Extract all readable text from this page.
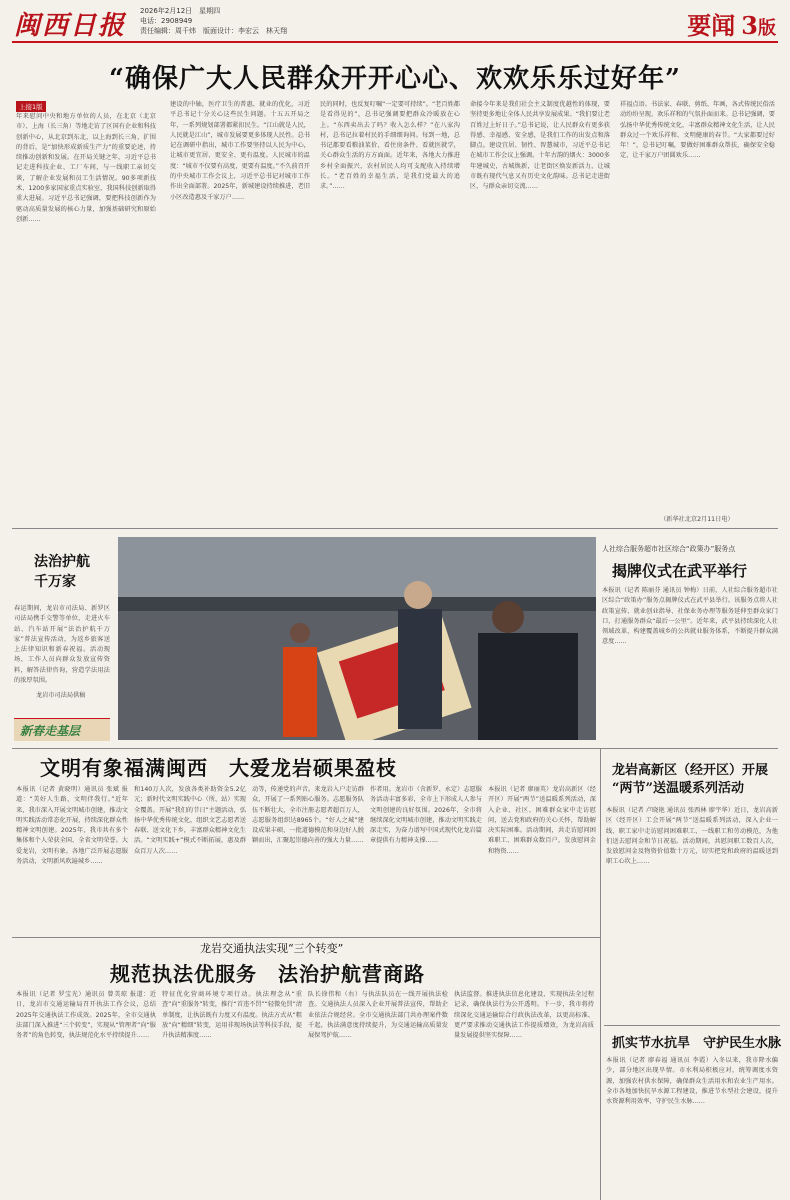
闽西日报 2026年2月12日　星期四
电话：2908949
责任编辑：周千炜　版面设计：李宏云　林天翔	要闻 3 版
“确保广大人民群众开开心心、欢欢乐乐过好年”
上接1版
年来慰问中央和地方单位的人员，在北京（北京市）、上海（长三角）等地走访了区国有企业和科技创新中心，从北京到东北，以上海到长三角，扩围的背后，是“加快形成新质生产力”的重要论述，持续推动创新和发展。在开局关键之年，习近平总书记走进科技企业、工厂车间，与一线职工亲切交谈，了解企业发展和员工生活情况。90多项新技术、1200多家国家重点实验室，我国科技创新取得重大进展。习近平总书记强调，要把科技创新作为驱动高质量发展的核心力量，加强基础研究和原始创新……
建设的中轴，医疗卫生的普惠，就业的优化，习近平总书记十分关心这些民生问题。十五五开局之年，一系列规划部署都紧扣民生。“江山就是人民，人民就是江山”，城市发展要更多体现人民性。总书记在调研中指出，城市工作要坚持以人民为中心，让城市更宜居、更安全、更有温度。人民城市的温度：“城市不仅要有高度，更要有温度。”不久前召开的中央城市工作会议上，习近平总书记对城市工作作出全面部署。2025年，新城建设持续推进，老旧小区改造惠及千家万户……
民的同时，也反复叮嘱“一定要可持续”。“老百姓都是看得见的”，总书记强调要把群众冷暖放在心上。“东西卖出去了吗？收入怎么样？”在八家沟村，总书记拉着村民的手细细询问。每到一地，总书记都要看粮油菜价、看住房条件、看就医就学，关心群众生活的方方面面。近年来，各地大力推进乡村全面振兴，农村居民人均可支配收入持续增长。“老百姓的幸福生活，是我们党最大的追求。”……
命接今年来是我们社会主义制度优越性的体现，要坚持更多地让全体人民共享发展成果。“我们要让老百姓过上好日子。”总书记说，让人民群众有更多获得感、幸福感、安全感，是我们工作的出发点和落脚点。建设宜居、韧性、智慧城市，习近平总书记在城市工作会议上强调。十年古韵的烟火：3000多年建城史，古城焕新，让老街区焕发新活力，让城市既有现代气息又有历史文化韵味。总书记走进街区，与群众亲切交流……
祥福点语。书法家、春联、剪纸、年画，各式传统民俗活动纷纷呈现，欢乐祥和的气氛扑面而来。总书记强调，要弘扬中华优秀传统文化，丰富群众精神文化生活，让人民群众过一个欢乐祥和、文明健康的春节。“大家都要过好年！”，总书记叮嘱，要做好困难群众帮扶，确保安全稳定，让千家万户团圆欢乐……
（新华社北京2月11日电）
法治护航
千万家
春运期间，龙岩市司法局、新罗区司法局携手交警等单位，走进火车站、汽车站开展“法治护航千万家”普法宣传活动，为返乡旅客送上法律知识和新春祝福。活动现场，工作人员向群众发放宣传资料，解答法律咨询，营造学法用法的浓厚氛围。
龙岩市司法局供稿
新春走基层
人社综合服务超市社区综合“政策办”服务点
揭牌仪式在武平举行
本报讯（记者 陈丽芬 通讯员 钟梅）日前，人社综合服务超市社区综合“政策办”服务点揭牌仪式在武平县举行。该服务点将人社政策宣传、就业创业指导、社保业务办理等服务延伸至群众家门口，打通服务群众“最后一公里”。近年来，武平县持续深化人社领域改革，构建覆盖城乡的公共就业服务体系，不断提升群众满意度……
文明有象福满闽西　大爱龙岩硕果盈枝
本报讯（记者 黄晓明）通讯员 张斌 报道：“美好人生路，文明伴我行。”近年来，我市深入开展文明城市创建，推动文明实践活动常态化开展，持续深化群众性精神文明创建。2025年，我市共有多个集体和个人荣获全国、全省文明荣誉。大爱龙岩，文明有象。各地广泛开展志愿服务活动，文明新风吹遍城乡……
和140万人次，发放各类补助资金5.2亿元；新时代文明实践中心（所、站）实现全覆盖。开展“我们的节日”主题活动，弘扬中华优秀传统文化，组织文艺志愿者送春联、送文化下乡，丰富群众精神文化生活。“文明实践+”模式不断拓展，惠及群众百万人次……
动等，传递党的声音。来龙岩入户走访群众，开展了一系列贴心服务。志愿服务队伍不断壮大，全市注册志愿者超百万人，志愿服务组织达8965个。“好人之城”建设成果丰硕，一批道德模范和身边好人脱颖而出，汇聚起崇德向善的强大力量……
作者用。龙岩市（含新罗、永定）志愿服务活动丰富多彩，全市上下形成人人参与文明创建的良好氛围。2026年，全市将继续深化文明城市创建，推动文明实践走深走实，为奋力谱写中国式现代化龙岩篇章提供有力精神支撑……
本报讯（记者 廖丽英）龙岩高新区（经开区）开展“两节”送温暖系列活动，深入企业、社区、困难群众家中走访慰问，送去党和政府的关心关怀，帮助解决实际困难。活动期间，共走访慰问困难职工、困难群众数百户，发放慰问金和物资……
龙岩高新区（经开区）开展
“两节”送温暖系列活动
本报讯（记者 卢晓艳 通讯员 张西林 廖宇华）近日，龙岩高新区（经开区）工会开展“两节”送温暖系列活动，深入企业一线、职工家中走访慰问困难职工、一线职工和劳动模范，为他们送去慰问金和节日祝福。活动期间，共慰问职工数百人次，发放慰问金及物资价值数十万元，切实把党和政府的温暖送到职工心坎上……
抓实节水抗旱　守护民生水脉
本报讯（记者 廖春福 通讯员 李霞）入冬以来，我市降水偏少，部分地区出现旱情。市水利局积极应对，统筹调度水资源，加强农村供水保障，确保群众生活用水和农业生产用水。全市各地加快抗旱水源工程建设，推进节水型社会建设，提升水资源利用效率，守护民生水脉……
龙岩交通执法实现“三个转变”
规范执法优服务　法治护航营商路
本报讯（记者 罗宝光）通讯员 曾美琼 报道：近日，龙岩市交通运输局召开执法工作会议，总结2025年交通执法工作成效。2025年，全市交通执法部门深入推进“三个转变”，实现从“管理者”向“服务者”的角色转变，执法规范化水平持续提升……
特征优化营商环境专项行动。执法理念从“重查”向“重服务”转变，推行“首违不罚”“轻微免罚”清单制度，让执法既有力度又有温度。执法方式从“粗放”向“精细”转变，运用非现场执法等科技手段，提升执法精准度……
队长徐伟和（右）与执法队员在一线开展执法检查。交通执法人员深入企业开展普法宣传，帮助企业依法合规经营。全市交通执法部门共办理案件数千起，执法满意度持续提升，为交通运输高质量发展保驾护航……
执法监督。推进执法信息化建设，实现执法全过程记录，确保执法行为公开透明。下一步，我市将持续深化交通运输综合行政执法改革，以更高标准、更严要求推动交通执法工作提质增效，为龙岩高质量发展提供坚实保障……
